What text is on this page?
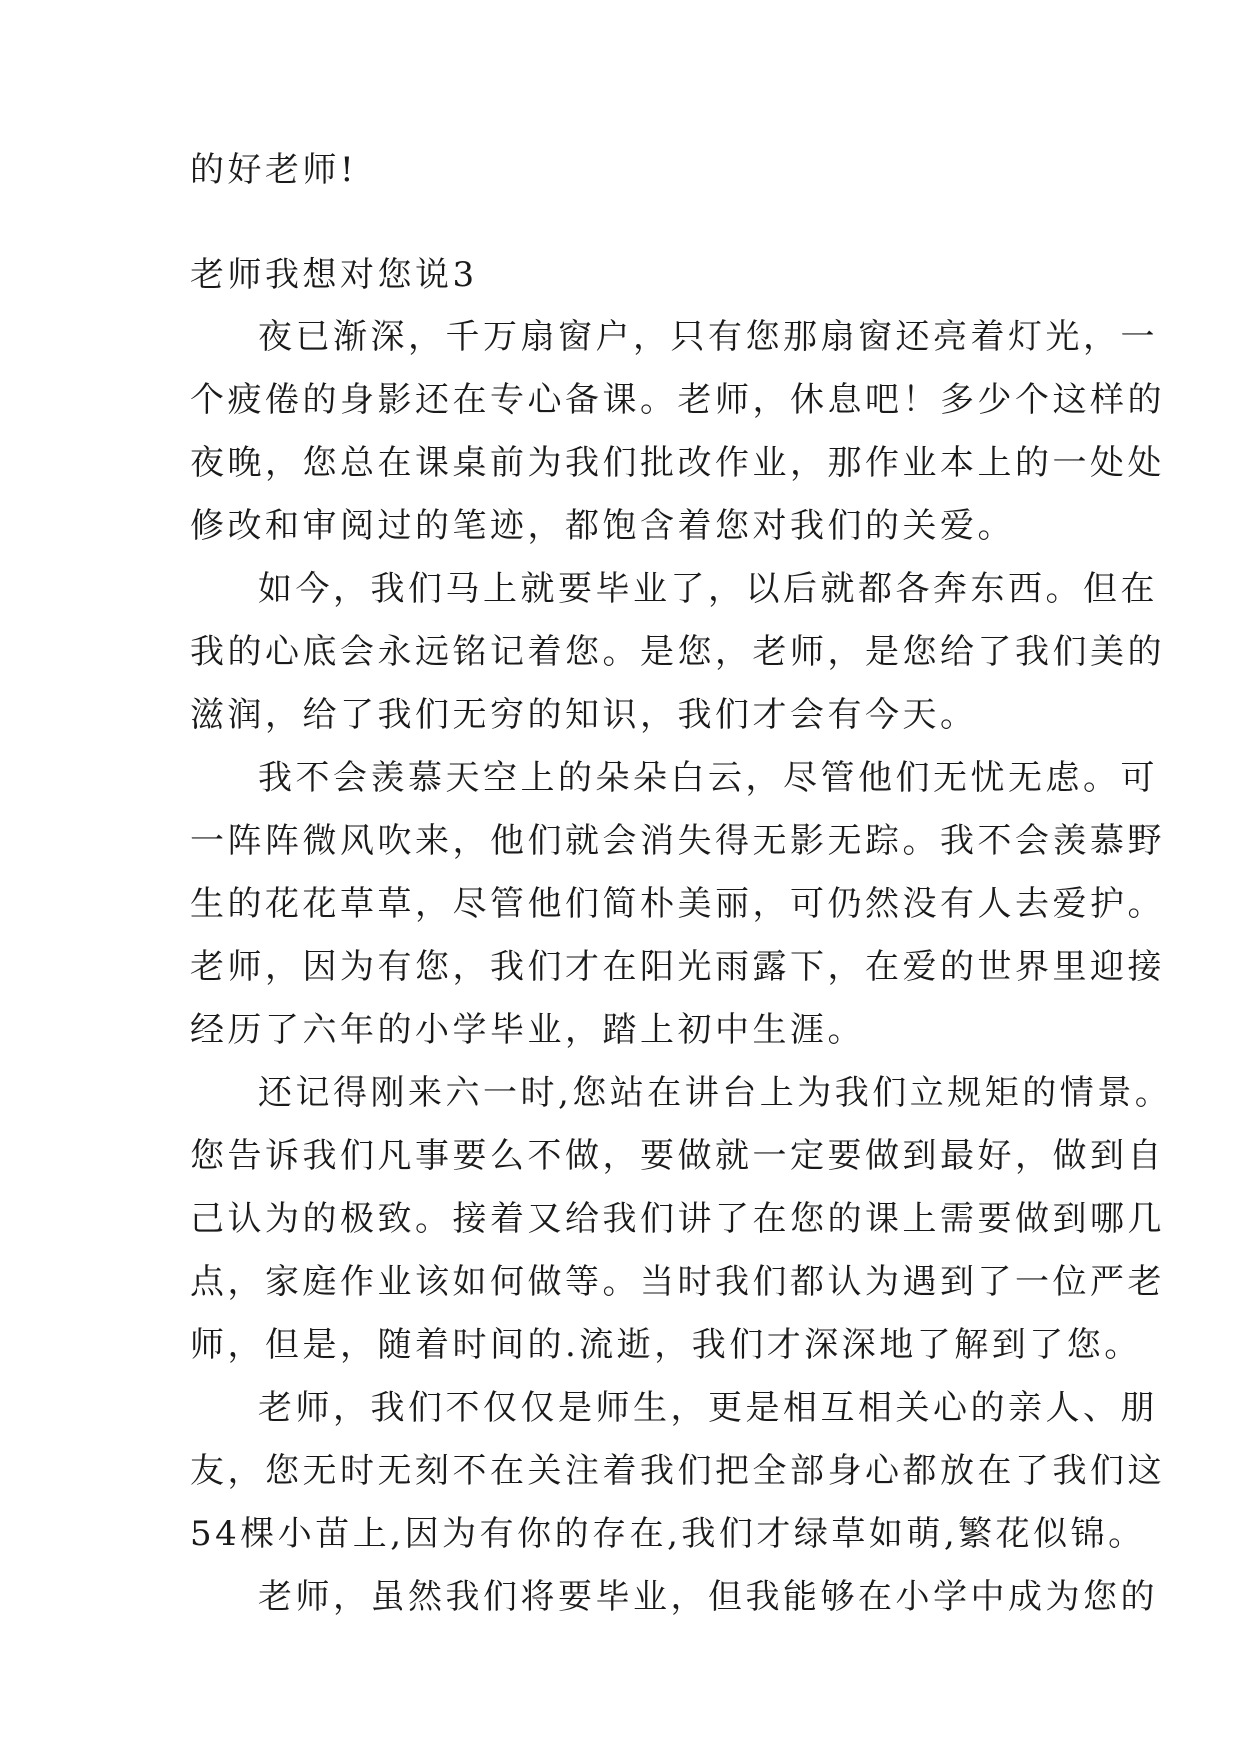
的好老师!
老师我想对您说3
夜已渐深，千万扇窗户，只有您那扇窗还亮着灯光，一
个疲倦的身影还在专心备课。老师，休息吧！多少个这样的
夜晚，您总在课桌前为我们批改作业，那作业本上的一处处
修改和审阅过的笔迹，都饱含着您对我们的关爱。
如今，我们马上就要毕业了，以后就都各奔东西。但在
我的心底会永远铭记着您。是您，老师，是您给了我们美的
滋润，给了我们无穷的知识，我们才会有今天。
我不会羡慕天空上的朵朵白云，尽管他们无忧无虑。可
一阵阵微风吹来，他们就会消失得无影无踪。我不会羡慕野
生的花花草草，尽管他们简朴美丽，可仍然没有人去爱护。
老师，因为有您，我们才在阳光雨露下，在爱的世界里迎接
经历了六年的小学毕业，踏上初中生涯。
还记得刚来六一时,您站在讲台上为我们立规矩的情景。
您告诉我们凡事要么不做，要做就一定要做到最好，做到自
己认为的极致。接着又给我们讲了在您的课上需要做到哪几
点，家庭作业该如何做等。当时我们都认为遇到了一位严老
师，但是，随着时间的.流逝，我们才深深地了解到了您。
老师，我们不仅仅是师生，更是相互相关心的亲人、朋
友，您无时无刻不在关注着我们把全部身心都放在了我们这
54棵小苗上,因为有你的存在,我们才绿草如萌,繁花似锦。
老师，虽然我们将要毕业，但我能够在小学中成为您的
